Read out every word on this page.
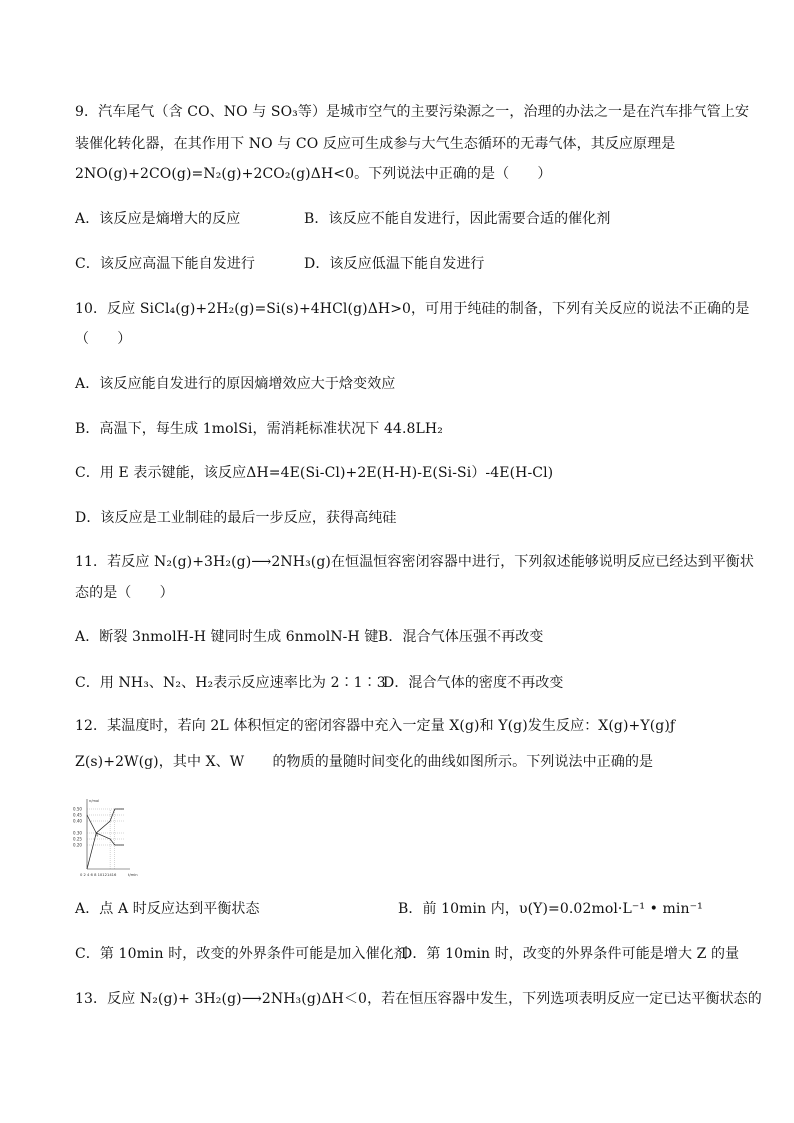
9．汽车尾气（含 CO、NO 与 SO₃等）是城市空气的主要污染源之一，治理的办法之一是在汽车排气管上安
装催化转化器，在其作用下 NO 与 CO 反应可生成参与大气生态循环的无毒气体，其反应原理是
2NO(g)+2CO(g)=N₂(g)+2CO₂(g)ΔH<0。下列说法中正确的是（　　）
A．该反应是熵增大的反应	B．该反应不能自发进行，因此需要合适的催化剂
C．该反应高温下能自发进行	D．该反应低温下能自发进行
10．反应 SiCl₄(g)+2H₂(g)=Si(s)+4HCl(g)ΔH>0，可用于纯硅的制备，下列有关反应的说法不正确的是
（　　）
A．该反应能自发进行的原因熵增效应大于焓变效应
B．高温下，每生成 1molSi，需消耗标准状况下 44.8LH₂
C．用 E 表示键能，该反应ΔH=4E(Si-Cl)+2E(H-H)-E(Si-Si）-4E(H-Cl)
D．该反应是工业制硅的最后一步反应，获得高纯硅
11．若反应 N₂(g)+3H₂(g)⟶2NH₃(g)在恒温恒容密闭容器中进行，下列叙述能够说明反应已经达到平衡状
态的是（　　）
A．断裂 3nmolH-H 键同时生成 6nmolN-H 键 B．混合气体压强不再改变
C．用 NH₃、N₂、H₂表示反应速率比为 2∶1∶3
D．混合气体的密度不再改变
12．某温度时，若向 2L 体积恒定的密闭容器中充入一定量 X(g)和 Y(g)发生反应：X(g)+Y(g)ƒ
Z(s)+2W(g)，其中 X、W　　的物质的量随时间变化的曲线如图所示。下列说法中正确的是
0.50
0.45
0.40
0.30
0.25
0.20
n/mol
0 2 4 6 8 10121416	t/min
A
A．点 A 时反应达到平衡状态	B．前 10min 内，υ(Y)=0.02mol·L⁻¹ • min⁻¹
C．第 10min 时，改变的外界条件可能是加入催化剂
D．第 10min 时，改变的外界条件可能是增大 Z 的量
13．反应 N₂(g)+ 3H₂(g)⟶2NH₃(g)ΔH＜0，若在恒压容器中发生，下列选项表明反应一定已达平衡状态的
